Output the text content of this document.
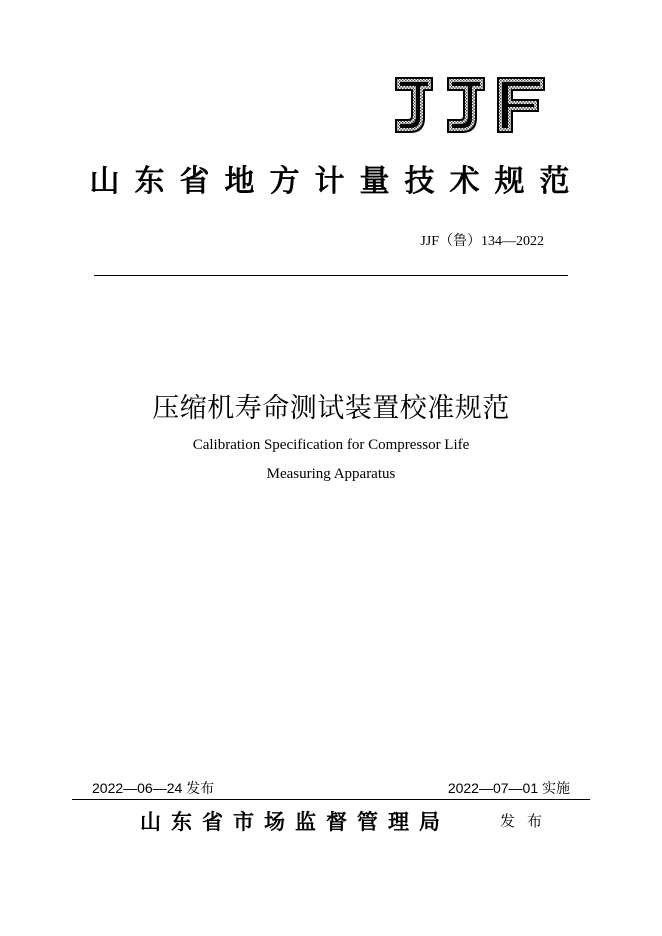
山东省地方计量技术规范
JJF（鲁）134—2022
压缩机寿命测试装置校准规范
Calibration Specification for Compressor Life
Measuring Apparatus
2022—06—24 发布	2022—07—01 实施
山东省市场监督管理局	发布
